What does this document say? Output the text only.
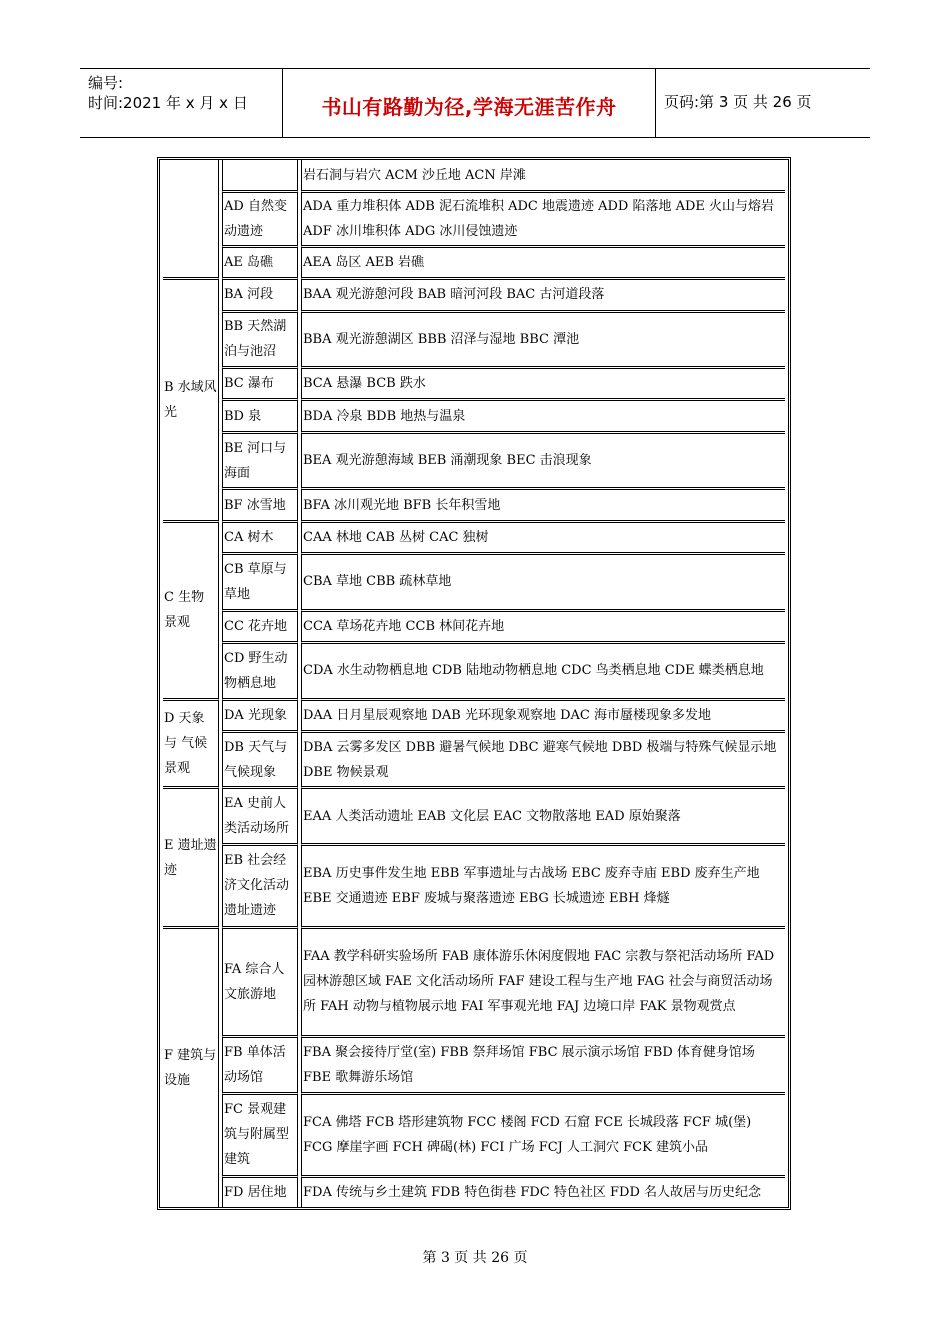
编号:
时间:2021 年 x 月 x 日	书山有路勤为径,学海无涯苦作舟	页码:第 3 页 共 26 页
		岩石洞与岩穴 ACM 沙丘地 ACN 岸滩
	AD 自然变动遗迹	ADA 重力堆积体 ADB 泥石流堆积 ADC 地震遗迹 ADD 陷落地 ADE 火山与熔岩 ADF 冰川堆积体 ADG 冰川侵蚀遗迹
	AE 岛礁	AEA 岛区 AEB 岩礁
B 水域风光	BA 河段	BAA 观光游憩河段 BAB 暗河河段 BAC 古河道段落
	BB 天然湖泊与池沼	BBA 观光游憩湖区 BBB 沼泽与湿地 BBC 潭池
	BC 瀑布	BCA 悬瀑 BCB 跌水
	BD 泉	BDA 冷泉 BDB 地热与温泉
	BE 河口与海面	BEA 观光游憩海域 BEB 涌潮现象 BEC 击浪现象
	BF 冰雪地	BFA 冰川观光地 BFB 长年积雪地
C 生物景观	CA 树木	CAA 林地 CAB 丛树 CAC 独树
	CB 草原与草地	CBA 草地 CBB 疏林草地
	CC 花卉地	CCA 草场花卉地 CCB 林间花卉地
	CD 野生动物栖息地	CDA 水生动物栖息地 CDB 陆地动物栖息地 CDC 鸟类栖息地 CDE 蝶类栖息地
D 天象与 气候景观	DA 光现象	DAA 日月星辰观察地 DAB 光环现象观察地 DAC 海市蜃楼现象多发地
	DB 天气与气候现象	DBA 云雾多发区 DBB 避暑气候地 DBC 避寒气候地 DBD 极端与特殊气候显示地 DBE 物候景观
E 遗址遗迹	EA 史前人类活动场所	EAA 人类活动遗址 EAB 文化层 EAC 文物散落地 EAD 原始聚落
	EB 社会经济文化活动遗址遗迹	EBA 历史事件发生地 EBB 军事遗址与古战场 EBC 废弃寺庙 EBD 废弃生产地 EBE 交通遗迹 EBF 废城与聚落遗迹 EBG 长城遗迹 EBH 烽燧
F 建筑与设施	FA 综合人文旅游地	FAA 教学科研实验场所 FAB 康体游乐休闲度假地 FAC 宗教与祭祀活动场所 FAD 园林游憩区域 FAE 文化活动场所 FAF 建设工程与生产地 FAG 社会与商贸活动场所 FAH 动物与植物展示地 FAI 军事观光地 FAJ 边境口岸 FAK 景物观赏点
	FB 单体活动场馆	FBA 聚会接待厅堂(室) FBB 祭拜场馆 FBC 展示演示场馆 FBD 体育健身馆场 FBE 歌舞游乐场馆
	FC 景观建筑与附属型建筑	FCA 佛塔 FCB 塔形建筑物 FCC 楼阁 FCD 石窟 FCE 长城段落 FCF 城(堡) FCG 摩崖字画 FCH 碑碣(林) FCI 广场 FCJ 人工洞穴 FCK 建筑小品
	FD 居住地	FDA 传统与乡土建筑 FDB 特色街巷 FDC 特色社区 FDD 名人故居与历史纪念
第 3 页 共 26 页
